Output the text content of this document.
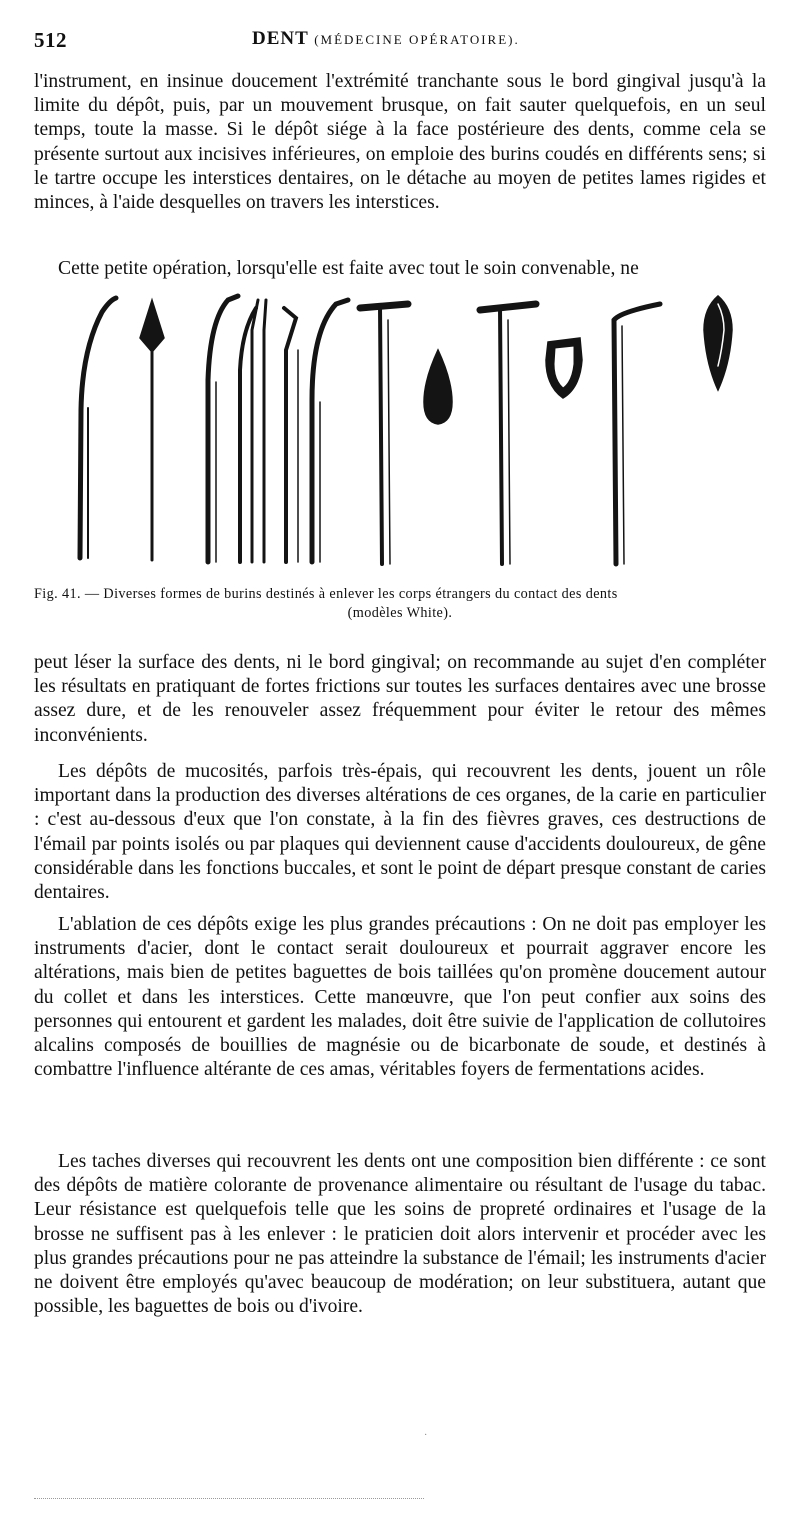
512	DENT (MÉDECINE OPÉRATOIRE).

l'instrument, en insinue doucement l'extrémité tranchante sous le bord gingival jusqu'à la limite du dépôt, puis, par un mouvement brusque, on fait sauter quelquefois, en un seul temps, toute la masse. Si le dépôt siége à la face postérieure des dents, comme cela se présente surtout aux incisives inférieures, on emploie des burins coudés en différents sens; si le tartre occupe les interstices dentaires, on le détache au moyen de petites lames rigides et minces, à l'aide desquelles on travers les interstices.

Cette petite opération, lorsqu'elle est faite avec tout le soin convenable, ne

Fig. 41. — Diverses formes de burins destinés à enlever les corps étrangers du contact des dents
(modèles White).

peut léser la surface des dents, ni le bord gingival; on recommande au sujet d'en compléter les résultats en pratiquant de fortes frictions sur toutes les surfaces dentaires avec une brosse assez dure, et de les renouveler assez fréquemment pour éviter le retour des mêmes inconvénients.

Les dépôts de mucosités, parfois très-épais, qui recouvrent les dents, jouent un rôle important dans la production des diverses altérations de ces organes, de la carie en particulier : c'est au-dessous d'eux que l'on constate, à la fin des fièvres graves, ces destructions de l'émail par points isolés ou par plaques qui deviennent cause d'accidents douloureux, de gêne considérable dans les fonctions buccales, et sont le point de départ presque constant de caries dentaires.

L'ablation de ces dépôts exige les plus grandes précautions : On ne doit pas employer les instruments d'acier, dont le contact serait douloureux et pourrait aggraver encore les altérations, mais bien de petites baguettes de bois taillées qu'on promène doucement autour du collet et dans les interstices. Cette manœuvre, que l'on peut confier aux soins des personnes qui entourent et gardent les malades, doit être suivie de l'application de collutoires alcalins composés de bouillies de magnésie ou de bicarbonate de soude, et destinés à combattre l'influence altérante de ces amas, véritables foyers de fermentations acides.

Les taches diverses qui recouvrent les dents ont une composition bien différente : ce sont des dépôts de matière colorante de provenance alimentaire ou résultant de l'usage du tabac. Leur résistance est quelquefois telle que les soins de propreté ordinaires et l'usage de la brosse ne suffisent pas à les enlever : le praticien doit alors intervenir et procéder avec les plus grandes précautions pour ne pas atteindre la substance de l'émail; les instruments d'acier ne doivent être employés qu'avec beaucoup de modération; on leur substituera, autant que possible, les baguettes de bois ou d'ivoire.

·
